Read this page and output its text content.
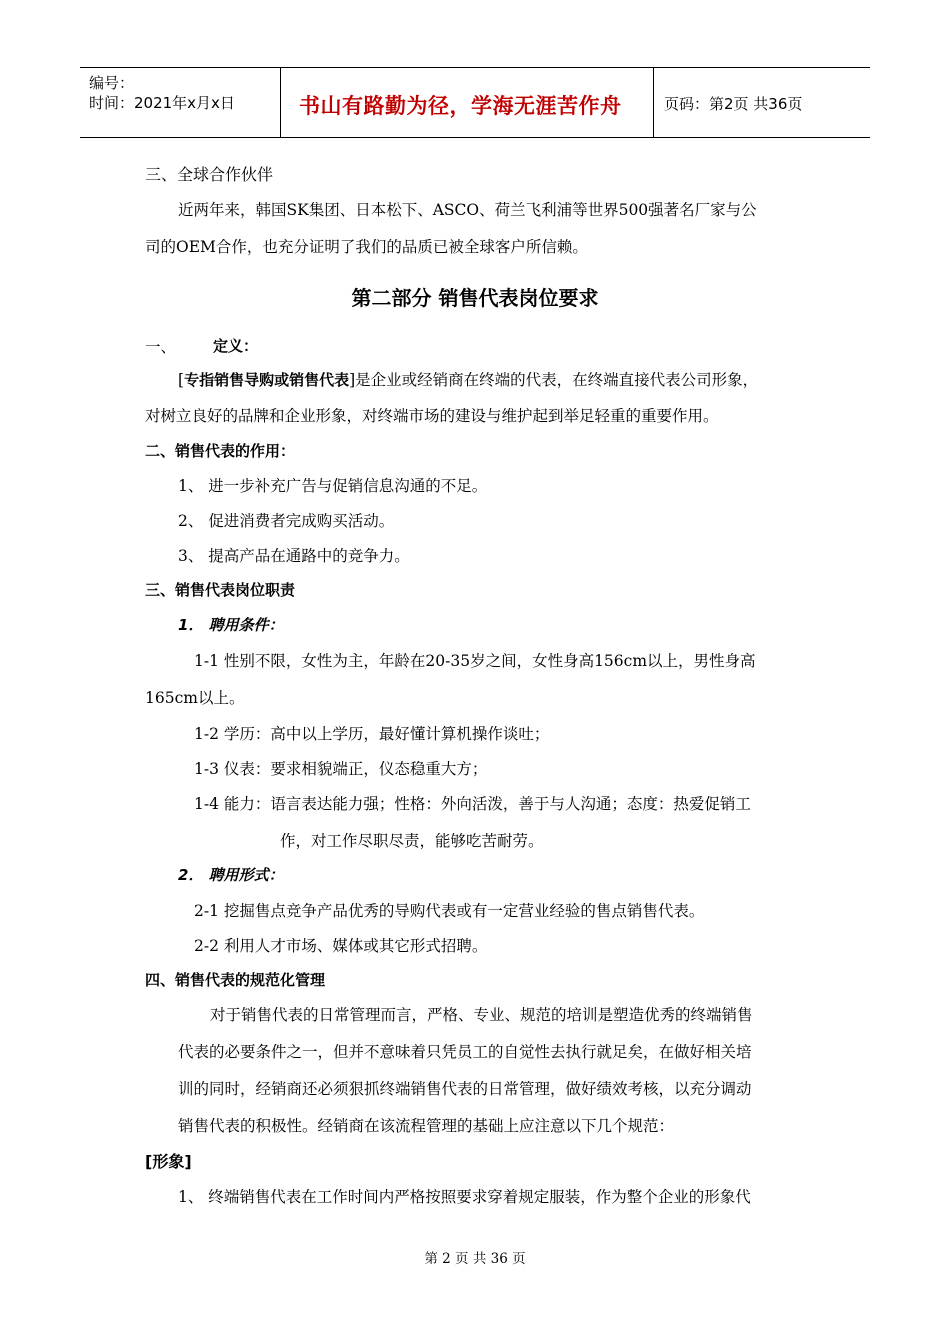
编号：
时间：2021年x月x日	书山有路勤为径，学海无涯苦作舟	页码：第2页 共36页
三、全球合作伙伴
近两年来，韩国SK集团、日本松下、ASCO、荷兰飞利浦等世界500强著名厂家与公
司的OEM合作，也充分证明了我们的品质已被全球客户所信赖。
第二部分 销售代表岗位要求
一、 定义：
[专指销售导购或销售代表]是企业或经销商在终端的代表，在终端直接代表公司形象，
对树立良好的品牌和企业形象，对终端市场的建设与维护起到举足轻重的重要作用。
二、销售代表的作用：
1、 进一步补充广告与促销信息沟通的不足。
2、 促进消费者完成购买活动。
3、 提高产品在通路中的竞争力。
三、销售代表岗位职责
1． 聘用条件：
1-1 性别不限，女性为主，年龄在20-35岁之间，女性身高156cm以上，男性身高
165cm以上。
1-2 学历：高中以上学历，最好懂计算机操作谈吐；
1-3 仪表：要求相貌端正，仪态稳重大方；
1-4 能力：语言表达能力强；性格：外向活泼，善于与人沟通；态度：热爱促销工
作，对工作尽职尽责，能够吃苦耐劳。
2． 聘用形式：
2-1 挖掘售点竞争产品优秀的导购代表或有一定营业经验的售点销售代表。
2-2 利用人才市场、媒体或其它形式招聘。
四、销售代表的规范化管理
对于销售代表的日常管理而言，严格、专业、规范的培训是塑造优秀的终端销售
代表的必要条件之一，但并不意味着只凭员工的自觉性去执行就足矣，在做好相关培
训的同时，经销商还必须狠抓终端销售代表的日常管理，做好绩效考核，以充分调动
销售代表的积极性。经销商在该流程管理的基础上应注意以下几个规范：
[形象]
1、 终端销售代表在工作时间内严格按照要求穿着规定服装，作为整个企业的形象代
第 2 页 共 36 页
